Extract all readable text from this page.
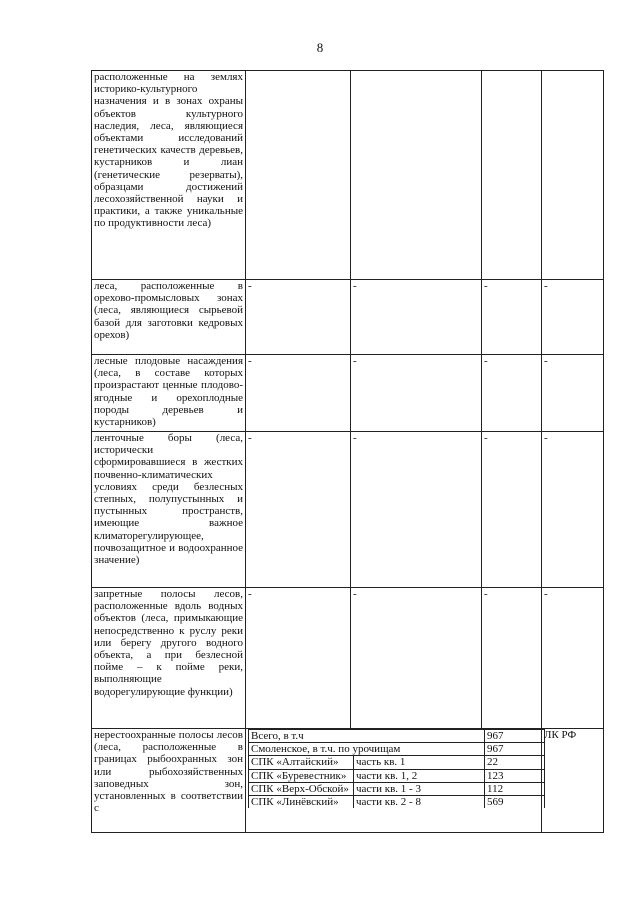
8
расположенные на землях историко-культурного назначения и в зонах охраны объектов культурного наследия, леса, являющиеся объектами исследований генетических качеств деревьев, кустарников и лиан (генетические резерваты), образцами достижений лесохозяйственной науки и практики, а также уникальные по продуктивности леса)				
леса, расположенные в орехово-промысловых зонах (леса, являющиеся сырьевой базой для заготовки кедровых орехов)	-	-	-	-
лесные плодовые насаждения (леса, в составе которых произрастают ценные плодово-ягодные и орехоплодные породы деревьев и кустарников)	-	-	-	-
ленточные боры (леса, исторически сформировавшиеся в жестких почвенно-климатических условиях среди безлесных степных, полупустынных и пустынных пространств, имеющие важное климаторегулирующее, почвозащитное и водоохранное значение)	-	-	-	-
запретные полосы лесов, расположенные вдоль водных объектов (леса, примыкающие непосредственно к руслу реки или берегу другого водного объекта, а при безлесной пойме – к пойме реки, выполняющие водорегулирующие функции)	-	-	-	-
нерестоохранные полосы лесов (леса, расположенные в границах рыбоохранных зон или рыбохозяйственных заповедных зон, установленных в соответствии с	
Всего, в т.ч	967
Смоленское, в т.ч. по урочищам	967
СПК «Алтайский»	часть кв. 1	22
СПК «Буревестник»	части кв. 1, 2	123
СПК «Верх-Обской»	части кв. 1 - 3	112
СПК «Линёвский»	части кв. 2 - 8	569
	ЛК РФ
